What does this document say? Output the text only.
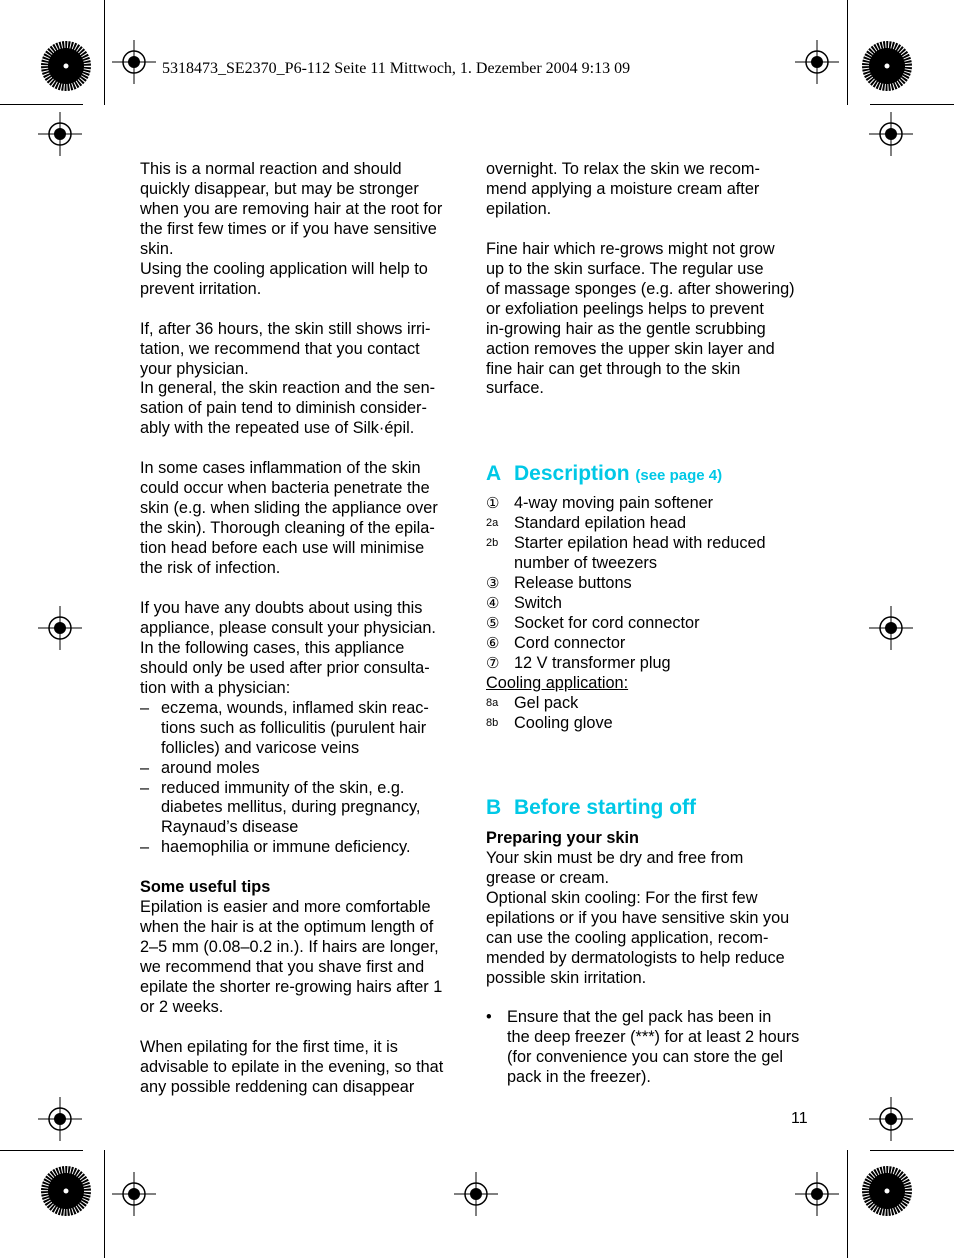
5318473_SE2370_P6-112 Seite 11 Mittwoch, 1. Dezember 2004 9:13 09

This is a normal reaction and should
quickly disappear, but may be stronger
when you are removing hair at the root for
the first few times or if you have sensitive
skin.

Using the cooling application will help to
prevent irritation.

If, after 36 hours, the skin still shows irri-
tation, we recommend that you contact
your physician.

In general, the skin reaction and the sen-
sation of pain tend to diminish consider-
ably with the repeated use of Silk·épil.

In some cases inflammation of the skin
could occur when bacteria penetrate the
skin (e.g. when sliding the appliance over
the skin). Thorough cleaning of the epila-
tion head before each use will minimise
the risk of infection.

If you have any doubts about using this
appliance, please consult your physician.
In the following cases, this appliance
should only be used after prior consulta-
tion with a physician:

– eczema, wounds, inflamed skin reac-
tions such as folliculitis (purulent hair
follicles) and varicose veins
– around moles
– reduced immunity of the skin, e.g.
diabetes mellitus, during pregnancy,
Raynaud’s disease
– haemophilia or immune deficiency.

Some useful tips

Epilation is easier and more comfortable
when the hair is at the optimum length of
2–5 mm (0.08–0.2 in.). If hairs are longer,
we recommend that you shave first and
epilate the shorter re-growing hairs after 1
or 2 weeks.

When epilating for the first time, it is
advisable to epilate in the evening, so that
any possible reddening can disappear

overnight. To relax the skin we recom-
mend applying a moisture cream after
epilation.

Fine hair which re-grows might not grow
up to the skin surface. The regular use
of massage sponges (e.g. after showering)
or exfoliation peelings helps to prevent
in-growing hair as the gentle scrubbing
action removes the upper skin layer and
fine hair can get through to the skin
surface.

A Description (see page 4)

① 4-way moving pain softener
2a Standard epilation head
2b Starter epilation head with reduced
number of tweezers
③ Release buttons
④ Switch
⑤ Socket for cord connector
⑥ Cord connector
⑦ 12 V transformer plug

Cooling application:

8a Gel pack
8b Cooling glove

B Before starting off

Preparing your skin

Your skin must be dry and free from
grease or cream.

Optional skin cooling: For the first few
epilations or if you have sensitive skin you
can use the cooling application, recom-
mended by dermatologists to help reduce
possible skin irritation.

• Ensure that the gel pack has been in
the deep freezer (***) for at least 2 hours
(for convenience you can store the gel
pack in the freezer).
11
